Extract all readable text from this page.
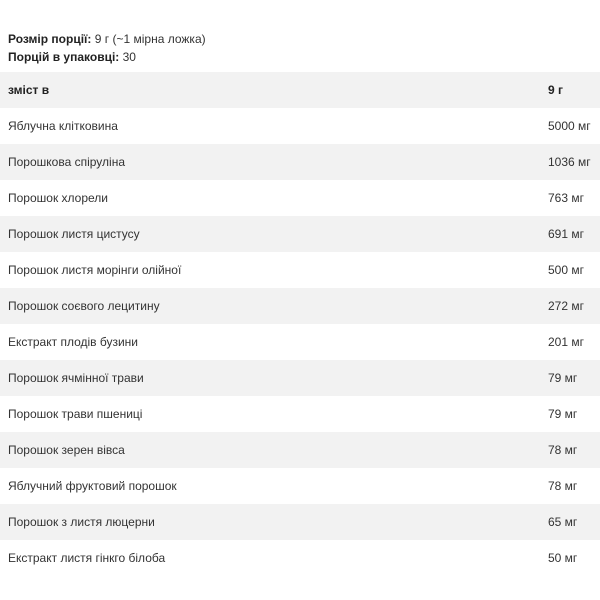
Розмір порції: 9 г (~1 мірна ложка)
Порцій в упаковці: 30
зміст в	9 г
Яблучна клітковина	5000 мг
Порошкова спіруліна	1036 мг
Порошок хлорели	763 мг
Порошок листя цистусу	691 мг
Порошок листя морінги олійної	500 мг
Порошок соєвого лецитину	272 мг
Екстракт плодів бузини	201 мг
Порошок ячмінної трави	79 мг
Порошок трави пшениці	79 мг
Порошок зерен вівса	78 мг
Яблучний фруктовий порошок	78 мг
Порошок з листя люцерни	65 мг
Екстракт листя гінкго білоба	50 мг
